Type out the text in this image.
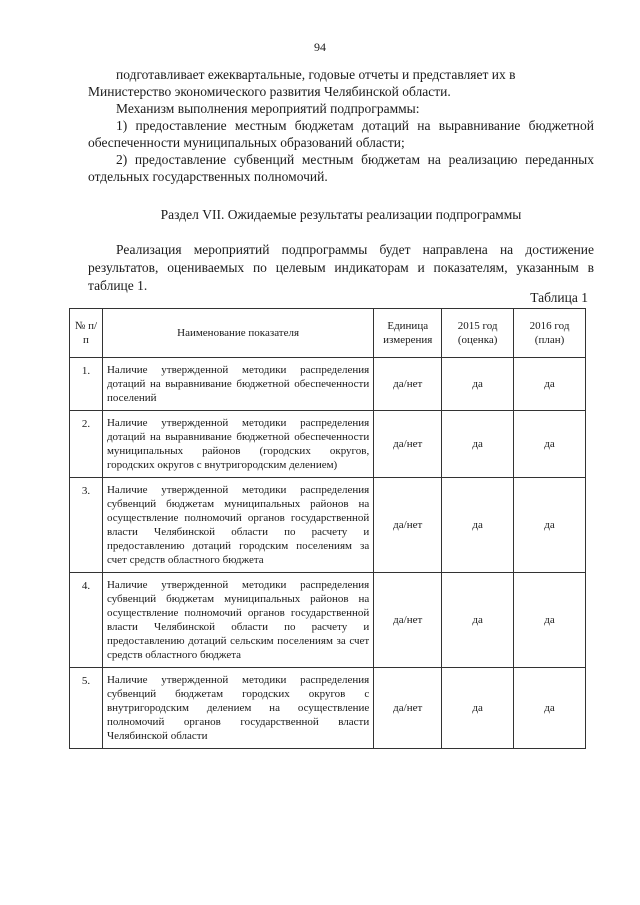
94

подготавливает ежеквартальные, годовые отчеты и представляет их в

Министерство экономического развития Челябинской области.

Механизм выполнения мероприятий подпрограммы:

1) предоставление местным бюджетам дотаций на выравнивание бюджетной обеспеченности муниципальных образований области;

2) предоставление субвенций местным бюджетам на реализацию переданных отдельных государственных полномочий.

Раздел VII. Ожидаемые результаты реализации подпрограммы

Реализация мероприятий подпрограммы будет направлена на достижение результатов, оцениваемых по целевым индикаторам и показателям, указанным в таблице 1.

Таблица 1
№ п/п	Наименование показателя	Единица измерения	2015 год (оценка)	2016 год (план)
1.	Наличие утвержденной методики распределения дотаций на выравнивание бюджетной обеспеченности поселений	да/нет	да	да
2.	Наличие утвержденной методики распределения дотаций на выравнивание бюджетной обеспеченности муниципальных районов (городских округов, городских округов с внутригородским делением)	да/нет	да	да
3.	Наличие утвержденной методики распределения субвенций бюджетам муниципальных районов на осуществление полномочий органов государственной власти Челябинской области по расчету и предоставлению дотаций городским поселениям за счет средств областного бюджета	да/нет	да	да
4.	Наличие утвержденной методики распределения субвенций бюджетам муниципальных районов на осуществление полномочий органов государственной власти Челябинской области по расчету и предоставлению дотаций сельским поселениям за счет средств областного бюджета	да/нет	да	да
5.	Наличие утвержденной методики распределения субвенций бюджетам городских округов с внутригородским делением на осуществление полномочий органов государственной власти Челябинской области	да/нет	да	да
